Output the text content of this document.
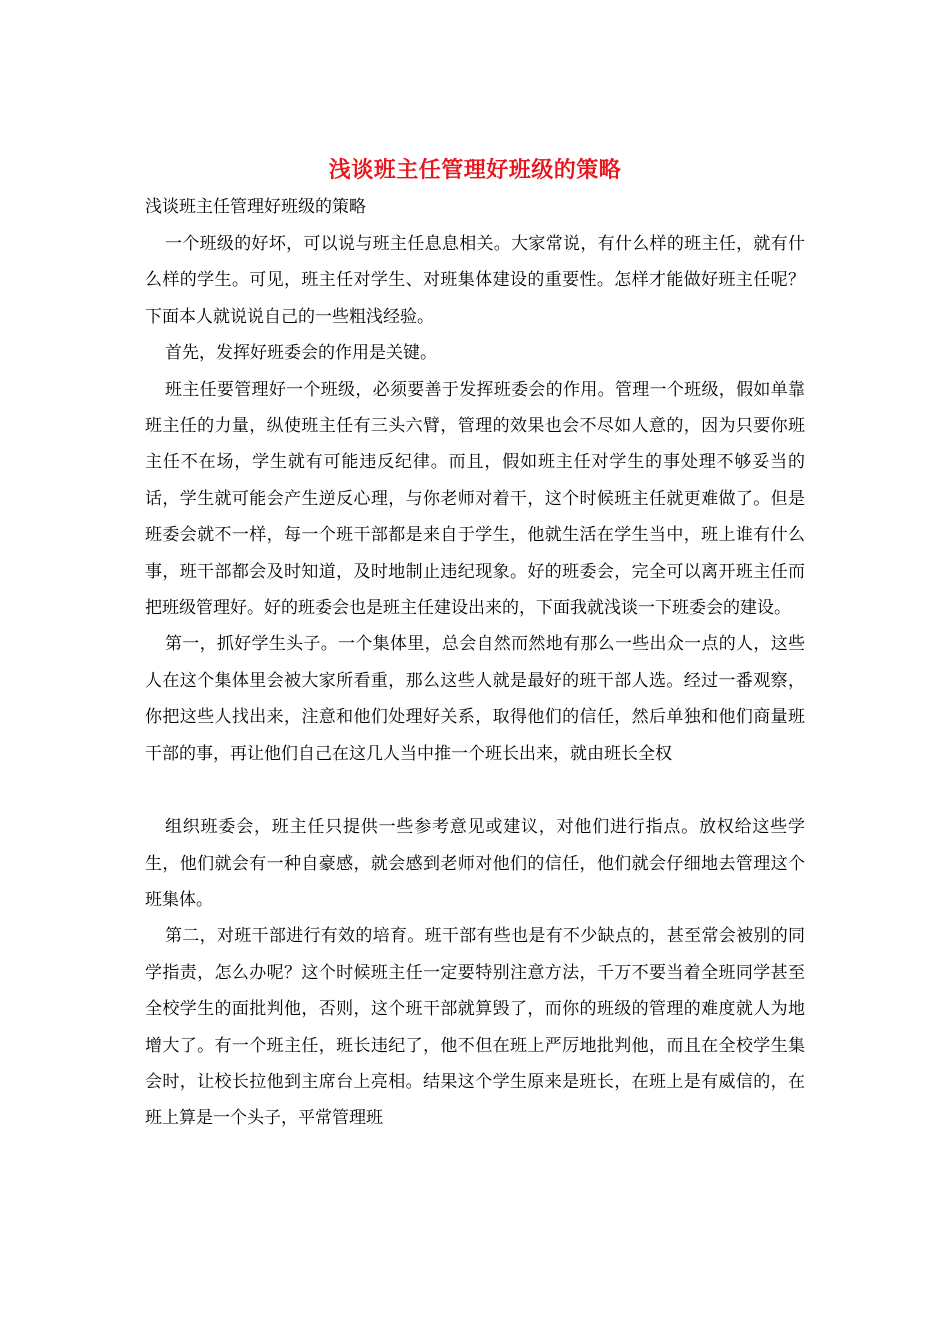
浅谈班主任管理好班级的策略
浅谈班主任管理好班级的策略

一个班级的好坏，可以说与班主任息息相关。大家常说，有什么样的班主任，就有什么样的学生。可见，班主任对学生、对班集体建设的重要性。怎样才能做好班主任呢？下面本人就说说自己的一些粗浅经验。

首先，发挥好班委会的作用是关键。

班主任要管理好一个班级，必须要善于发挥班委会的作用。管理一个班级，假如单靠班主任的力量，纵使班主任有三头六臂，管理的效果也会不尽如人意的，因为只要你班主任不在场，学生就有可能违反纪律。而且，假如班主任对学生的事处理不够妥当的话，学生就可能会产生逆反心理，与你老师对着干，这个时候班主任就更难做了。但是班委会就不一样，每一个班干部都是来自于学生，他就生活在学生当中，班上谁有什么事，班干部都会及时知道，及时地制止违纪现象。好的班委会，完全可以离开班主任而把班级管理好。好的班委会也是班主任建设出来的，下面我就浅谈一下班委会的建设。

第一，抓好学生头子。一个集体里，总会自然而然地有那么一些出众一点的人，这些人在这个集体里会被大家所看重，那么这些人就是最好的班干部人选。经过一番观察，你把这些人找出来，注意和他们处理好关系，取得他们的信任，然后单独和他们商量班干部的事，再让他们自己在这几人当中推一个班长出来，就由班长全权

组织班委会，班主任只提供一些参考意见或建议，对他们进行指点。放权给这些学生，他们就会有一种自豪感，就会感到老师对他们的信任，他们就会仔细地去管理这个班集体。

第二，对班干部进行有效的培育。班干部有些也是有不少缺点的，甚至常会被别的同学指责，怎么办呢？这个时候班主任一定要特别注意方法，千万不要当着全班同学甚至全校学生的面批判他，否则，这个班干部就算毁了，而你的班级的管理的难度就人为地增大了。有一个班主任，班长违纪了，他不但在班上严厉地批判他，而且在全校学生集会时，让校长拉他到主席台上亮相。结果这个学生原来是班长，在班上是有威信的，在班上算是一个头子，平常管理班
